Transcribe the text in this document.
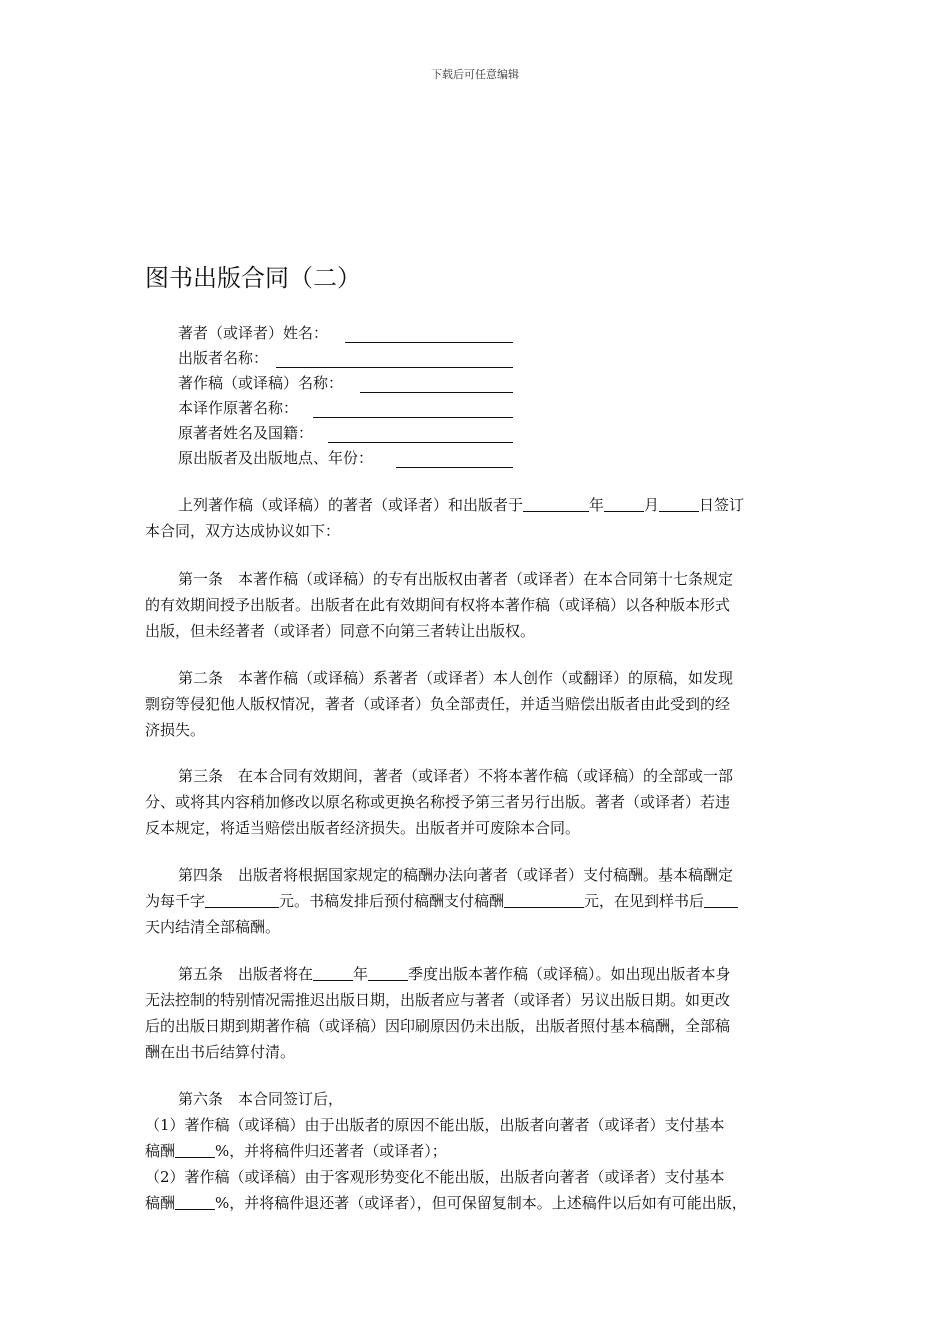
下载后可任意编辑
图书出版合同（二）
著者（或译者）姓名：
出版者名称：
著作稿（或译稿）名称：
本译作原著名称：
原著者姓名及国籍：
原出版者及出版地点、年份：
上列著作稿（或译稿）的著者（或译者）和出版者于	年	月	日签订
本合同，双方达成协议如下：
第一条　本著作稿（或译稿）的专有出版权由著者（或译者）在本合同第十七条规定
的有效期间授予出版者。出版者在此有效期间有权将本著作稿（或译稿）以各种版本形式
出版，但未经著者（或译者）同意不向第三者转让出版权。
第二条　本著作稿（或译稿）系著者（或译者）本人创作（或翻译）的原稿，如发现
剽窃等侵犯他人版权情况，著者（或译者）负全部责任，并适当赔偿出版者由此受到的经
济损失。
第三条　在本合同有效期间，著者（或译者）不将本著作稿（或译稿）的全部或一部
分、或将其内容稍加修改以原名称或更换名称授予第三者另行出版。著者（或译者）若违
反本规定，将适当赔偿出版者经济损失。出版者并可废除本合同。
第四条　出版者将根据国家规定的稿酬办法向著者（或译者）支付稿酬。基本稿酬定
为每千字	元。书稿发排后预付稿酬支付稿酬	元，在见到样书后
天内结清全部稿酬。
第五条　出版者将在	年	季度出版本著作稿（或译稿）。如出现出版者本身
无法控制的特别情况需推迟出版日期，出版者应与著者（或译者）另议出版日期。如更改
后的出版日期到期著作稿（或译稿）因印刷原因仍未出版，出版者照付基本稿酬，全部稿
酬在出书后结算付清。
第六条　本合同签订后，
（1）著作稿（或译稿）由于出版者的原因不能出版，出版者向著者（或译者）支付基本
稿酬	%，并将稿件归还著者（或译者）；
（2）著作稿（或译稿）由于客观形势变化不能出版，出版者向著者（或译者）支付基本
稿酬	%，并将稿件退还著（或译者），但可保留复制本。上述稿件以后如有可能出版，
